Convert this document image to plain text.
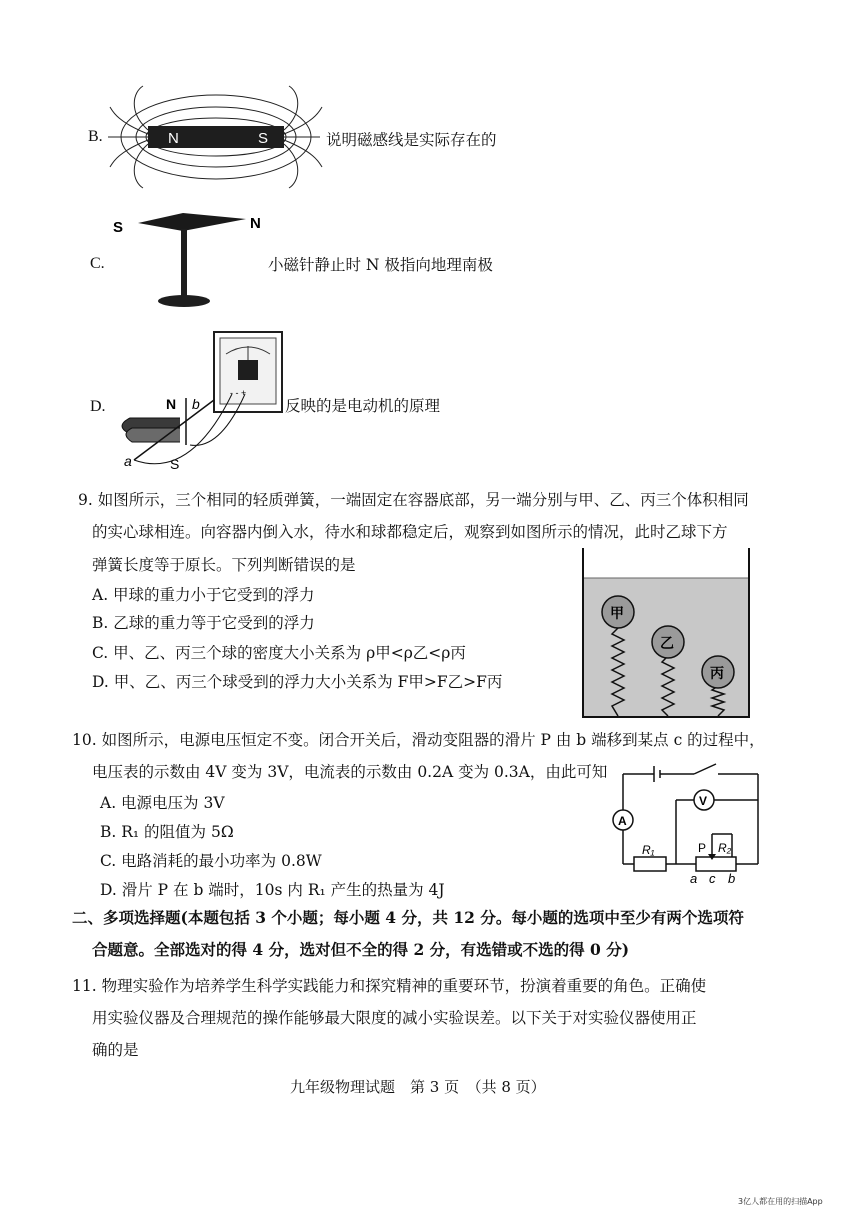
B.	N	S	说明磁感线是实际存在的
C.
S	N
小磁针静止时 N 极指向地理南极
D.
- - +
N
S
b
a
反映的是电动机的原理
9. 如图所示，三个相同的轻质弹簧，一端固定在容器底部，另一端分别与甲、乙、丙三个体积相同
的实心球相连。向容器内倒入水，待水和球都稳定后，观察到如图所示的情况，此时乙球下方
弹簧长度等于原长。下列判断错误的是
A. 甲球的重力小于它受到的浮力
B. 乙球的重力等于它受到的浮力
C. 甲、乙、丙三个球的密度大小关系为 ρ甲<ρ乙<ρ丙
D. 甲、乙、丙三个球受到的浮力大小关系为 F甲>F乙>F丙
甲
乙
丙
10. 如图所示，电源电压恒定不变。闭合开关后，滑动变阻器的滑片 P 由 b 端移到某点 c 的过程中，
电压表的示数由 4V 变为 3V，电流表的示数由 0.2A 变为 0.3A，由此可知
A. 电源电压为 3V
B. R₁ 的阻值为 5Ω
C. 电路消耗的最小功率为 0.8W
D. 滑片 P 在 b 端时，10s 内 R₁ 产生的热量为 4J
A
V
R₁	P R₂
a c b
二、多项选择题(本题包括 3 个小题；每小题 4 分，共 12 分。每小题的选项中至少有两个选项符
合题意。全部选对的得 4 分，选对但不全的得 2 分，有选错或不选的得 0 分)
11. 物理实验作为培养学生科学实践能力和探究精神的重要环节，扮演着重要的角色。正确使
用实验仪器及合理规范的操作能够最大限度的减小实验误差。以下关于对实验仪器使用正
确的是
九年级物理试题　第 3 页　（共 8 页）
3亿人都在用的扫描App
